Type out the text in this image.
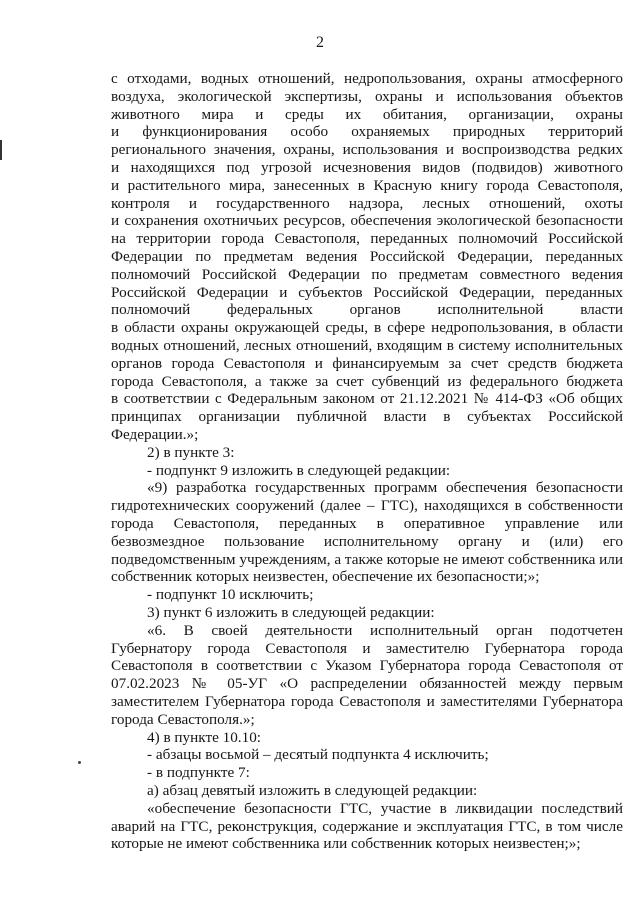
2
с отходами, водных отношений, недропользования, охраны атмосферного
воздуха, экологической экспертизы, охраны и использования объектов
животного мира и среды их обитания, организации, охраны
и функционирования особо охраняемых природных территорий
регионального значения, охраны, использования и воспроизводства редких
и находящихся под угрозой исчезновения видов (подвидов) животного
и растительного мира, занесенных в Красную книгу города Севастополя,
контроля и государственного надзора, лесных отношений, охоты
и сохранения охотничьих ресурсов, обеспечения экологической безопасности
на территории города Севастополя, переданных полномочий Российской
Федерации по предметам ведения Российской Федерации, переданных
полномочий Российской Федерации по предметам совместного ведения
Российской Федерации и субъектов Российской Федерации, переданных
полномочий федеральных органов исполнительной власти
в области охраны окружающей среды, в сфере недропользования, в области
водных отношений, лесных отношений, входящим в систему исполнительных
органов города Севастополя и финансируемым за счет средств бюджета
города Севастополя, а также за счет субвенций из федерального бюджета
в соответствии с Федеральным законом от 21.12.2021 № 414-ФЗ «Об общих
принципах организации публичной власти в субъектах Российской
Федерации.»;
2) в пункте 3:
- подпункт 9 изложить в следующей редакции:
«9) разработка государственных программ обеспечения безопасности
гидротехнических сооружений (далее – ГТС), находящихся в собственности
города Севастополя, переданных в оперативное управление или
безвозмездное пользование исполнительному органу и (или) его
подведомственным учреждениям, а также которые не имеют собственника или
собственник которых неизвестен, обеспечение их безопасности;»;
- подпункт 10 исключить;
3) пункт 6 изложить в следующей редакции:
«6. В своей деятельности исполнительный орган подотчетен
Губернатору города Севастополя и заместителю Губернатора города
Севастополя в соответствии с Указом Губернатора города Севастополя от
07.02.2023 № 05-УГ «О распределении обязанностей между первым
заместителем Губернатора города Севастополя и заместителями Губернатора
города Севастополя.»;
4) в пункте 10.10:
- абзацы восьмой – десятый подпункта 4 исключить;
- в подпункте 7:
а) абзац девятый изложить в следующей редакции:
«обеспечение безопасности ГТС, участие в ликвидации последствий
аварий на ГТС, реконструкция, содержание и эксплуатация ГТС, в том числе
которые не имеют собственника или собственник которых неизвестен;»;
